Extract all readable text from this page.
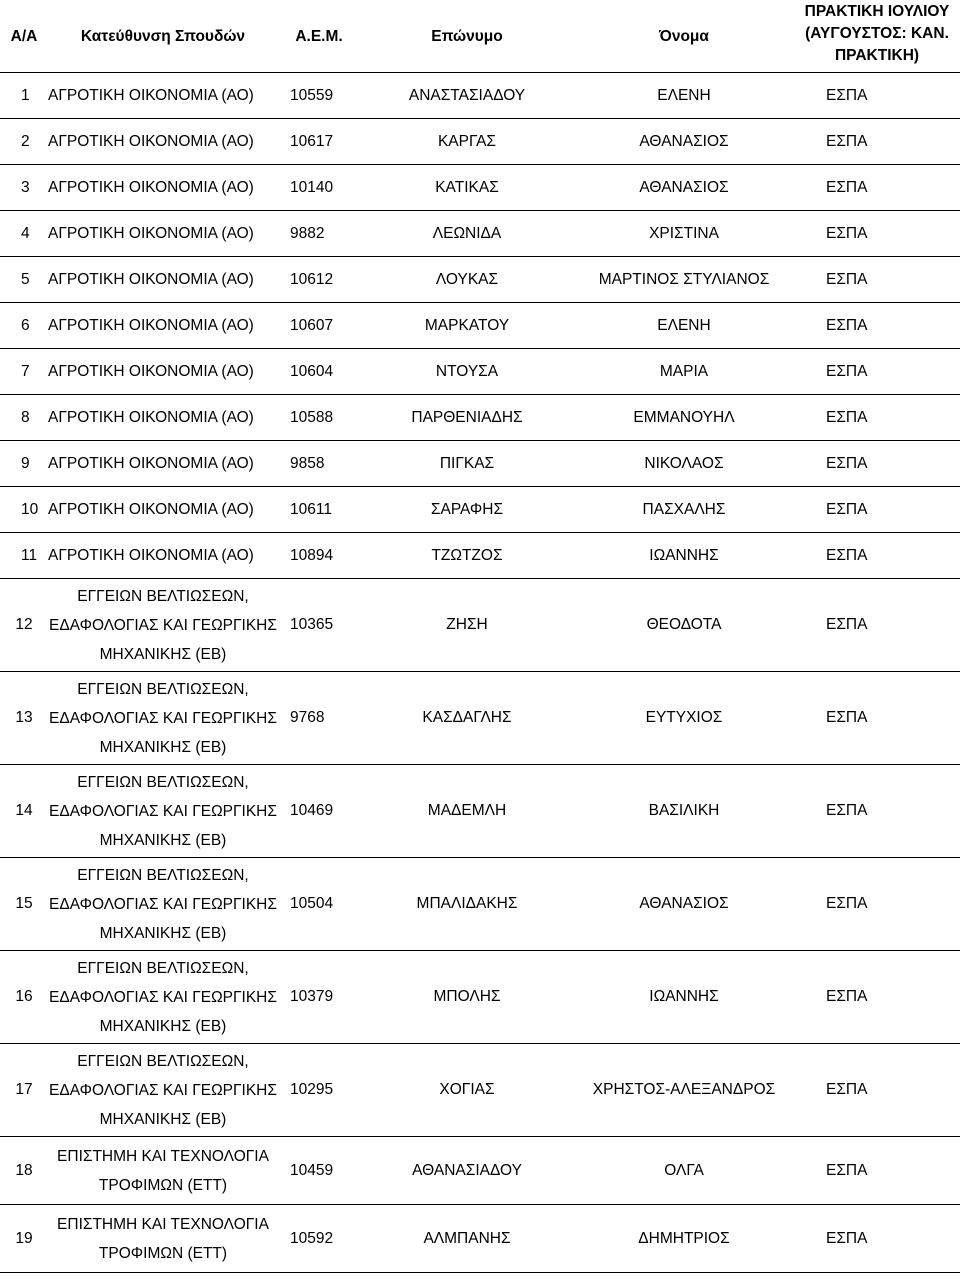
Α/Α	Κατεύθυνση Σπουδών	Α.Ε.Μ.	Επώνυμο	Όνομα	ΠΡΑΚΤΙΚΗ ΙΟΥΛΙΟΥ (ΑΥΓΟΥΣΤΟΣ: ΚΑΝ. ΠΡΑΚΤΙΚΗ)
1	ΑΓΡΟΤΙΚΗ ΟΙΚΟΝΟΜΙΑ (ΑΟ)	10559	ΑΝΑΣΤΑΣΙΑΔΟΥ	ΕΛΕΝΗ	ΕΣΠΑ
2	ΑΓΡΟΤΙΚΗ ΟΙΚΟΝΟΜΙΑ (ΑΟ)	10617	ΚΑΡΓΑΣ	ΑΘΑΝΑΣΙΟΣ	ΕΣΠΑ
3	ΑΓΡΟΤΙΚΗ ΟΙΚΟΝΟΜΙΑ (ΑΟ)	10140	ΚΑΤΙΚΑΣ	ΑΘΑΝΑΣΙΟΣ	ΕΣΠΑ
4	ΑΓΡΟΤΙΚΗ ΟΙΚΟΝΟΜΙΑ (ΑΟ)	9882	ΛΕΩΝΙΔΑ	ΧΡΙΣΤΙΝΑ	ΕΣΠΑ
5	ΑΓΡΟΤΙΚΗ ΟΙΚΟΝΟΜΙΑ (ΑΟ)	10612	ΛΟΥΚΑΣ	ΜΑΡΤΙΝΟΣ ΣΤΥΛΙΑΝΟΣ	ΕΣΠΑ
6	ΑΓΡΟΤΙΚΗ ΟΙΚΟΝΟΜΙΑ (ΑΟ)	10607	ΜΑΡΚΑΤΟΥ	ΕΛΕΝΗ	ΕΣΠΑ
7	ΑΓΡΟΤΙΚΗ ΟΙΚΟΝΟΜΙΑ (ΑΟ)	10604	ΝΤΟΥΣΑ	ΜΑΡΙΑ	ΕΣΠΑ
8	ΑΓΡΟΤΙΚΗ ΟΙΚΟΝΟΜΙΑ (ΑΟ)	10588	ΠΑΡΘΕΝΙΑΔΗΣ	ΕΜΜΑΝΟΥΗΛ	ΕΣΠΑ
9	ΑΓΡΟΤΙΚΗ ΟΙΚΟΝΟΜΙΑ (ΑΟ)	9858	ΠΙΓΚΑΣ	ΝΙΚΟΛΑΟΣ	ΕΣΠΑ
10	ΑΓΡΟΤΙΚΗ ΟΙΚΟΝΟΜΙΑ (ΑΟ)	10611	ΣΑΡΑΦΗΣ	ΠΑΣΧΑΛΗΣ	ΕΣΠΑ
11	ΑΓΡΟΤΙΚΗ ΟΙΚΟΝΟΜΙΑ (ΑΟ)	10894	ΤΖΩΤΖΟΣ	ΙΩΑΝΝΗΣ	ΕΣΠΑ
12	ΕΓΓΕΙΩΝ ΒΕΛΤΙΩΣΕΩΝ, ΕΔΑΦΟΛΟΓΙΑΣ ΚΑΙ ΓΕΩΡΓΙΚΗΣ ΜΗΧΑΝΙΚΗΣ (ΕΒ)	10365	ΖΗΣΗ	ΘΕΟΔΟΤΑ	ΕΣΠΑ
13	ΕΓΓΕΙΩΝ ΒΕΛΤΙΩΣΕΩΝ, ΕΔΑΦΟΛΟΓΙΑΣ ΚΑΙ ΓΕΩΡΓΙΚΗΣ ΜΗΧΑΝΙΚΗΣ (ΕΒ)	9768	ΚΑΣΔΑΓΛΗΣ	ΕΥΤΥΧΙΟΣ	ΕΣΠΑ
14	ΕΓΓΕΙΩΝ ΒΕΛΤΙΩΣΕΩΝ, ΕΔΑΦΟΛΟΓΙΑΣ ΚΑΙ ΓΕΩΡΓΙΚΗΣ ΜΗΧΑΝΙΚΗΣ (ΕΒ)	10469	ΜΑΔΕΜΛΗ	ΒΑΣΙΛΙΚΗ	ΕΣΠΑ
15	ΕΓΓΕΙΩΝ ΒΕΛΤΙΩΣΕΩΝ, ΕΔΑΦΟΛΟΓΙΑΣ ΚΑΙ ΓΕΩΡΓΙΚΗΣ ΜΗΧΑΝΙΚΗΣ (ΕΒ)	10504	ΜΠΑΛΙΔΑΚΗΣ	ΑΘΑΝΑΣΙΟΣ	ΕΣΠΑ
16	ΕΓΓΕΙΩΝ ΒΕΛΤΙΩΣΕΩΝ, ΕΔΑΦΟΛΟΓΙΑΣ ΚΑΙ ΓΕΩΡΓΙΚΗΣ ΜΗΧΑΝΙΚΗΣ (ΕΒ)	10379	ΜΠΟΛΗΣ	ΙΩΑΝΝΗΣ	ΕΣΠΑ
17	ΕΓΓΕΙΩΝ ΒΕΛΤΙΩΣΕΩΝ, ΕΔΑΦΟΛΟΓΙΑΣ ΚΑΙ ΓΕΩΡΓΙΚΗΣ ΜΗΧΑΝΙΚΗΣ (ΕΒ)	10295	ΧΟΓΙΑΣ	ΧΡΗΣΤΟΣ-ΑΛΕΞΑΝΔΡΟΣ	ΕΣΠΑ
18	ΕΠΙΣΤΗΜΗ ΚΑΙ ΤΕΧΝΟΛΟΓΙΑ ΤΡΟΦΙΜΩΝ (ΕΤΤ)	10459	ΑΘΑΝΑΣΙΑΔΟΥ	ΟΛΓΑ	ΕΣΠΑ
19	ΕΠΙΣΤΗΜΗ ΚΑΙ ΤΕΧΝΟΛΟΓΙΑ ΤΡΟΦΙΜΩΝ (ΕΤΤ)	10592	ΑΛΜΠΑΝΗΣ	ΔΗΜΗΤΡΙΟΣ	ΕΣΠΑ
